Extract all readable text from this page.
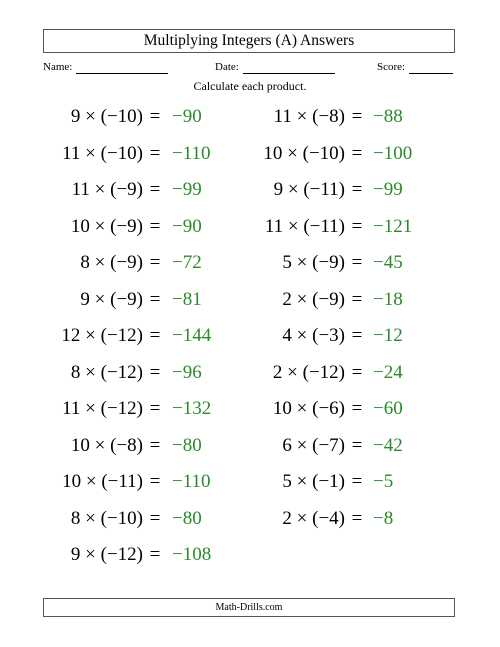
Multiplying Integers (A) Answers
Name:	Date:	Score:
Calculate each product.
9 × (−10) = −90
11 × (−10) = −110
11 × (−9) = −99
10 × (−9) = −90
8 × (−9) = −72
9 × (−9) = −81
12 × (−12) = −144
8 × (−12) = −96
11 × (−12) = −132
10 × (−8) = −80
10 × (−11) = −110
8 × (−10) = −80
9 × (−12) = −108
11 × (−8) = −88
10 × (−10) = −100
9 × (−11) = −99
11 × (−11) = −121
5 × (−9) = −45
2 × (−9) = −18
4 × (−3) = −12
2 × (−12) = −24
10 × (−6) = −60
6 × (−7) = −42
5 × (−1) = −5
2 × (−4) = −8
Math-Drills.com
